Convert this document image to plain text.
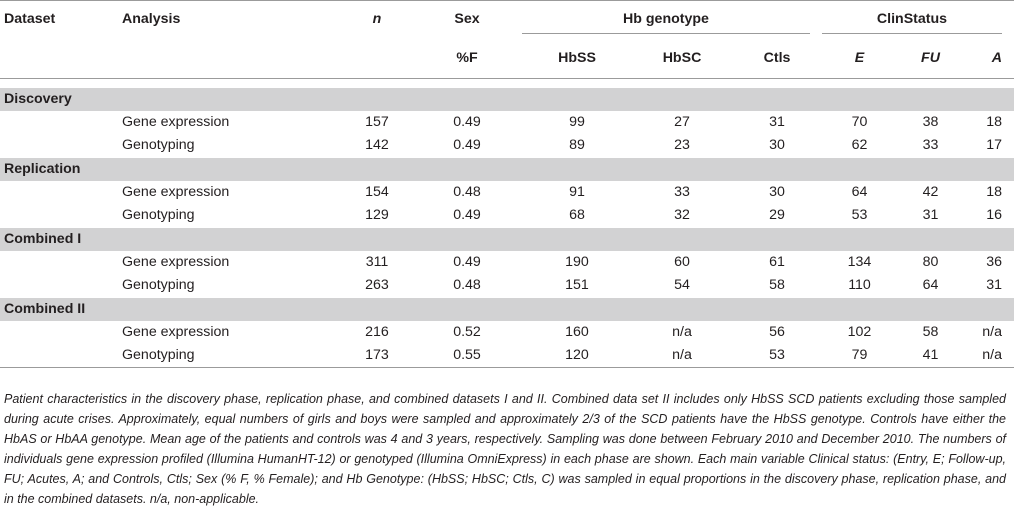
Dataset	Analysis	n	Sex	Hb genotype			ClinStatus		

			%F	HbSS	HbSC	Ctls	E	FU	A

Discovery									
	Gene expression	157	0.49	99	27	31	70	38	18
	Genotyping	142	0.49	89	23	30	62	33	17
Replication									
	Gene expression	154	0.48	91	33	30	64	42	18
	Genotyping	129	0.49	68	32	29	53	31	16
Combined I									
	Gene expression	311	0.49	190	60	61	134	80	36
	Genotyping	263	0.48	151	54	58	110	64	31
Combined II									
	Gene expression	216	0.52	160	n/a	56	102	58	n/a
	Genotyping	173	0.55	120	n/a	53	79	41	n/a

Patient characteristics in the discovery phase, replication phase, and combined datasets I and II. Combined data set II includes only HbSS SCD patients excluding those sampled during acute crises. Approximately, equal numbers of girls and boys were sampled and approximately 2/3 of the SCD patients have the HbSS genotype. Controls have either the HbAS or HbAA genotype. Mean age of the patients and controls was 4 and 3 years, respectively. Sampling was done between February 2010 and December 2010. The numbers of individuals gene expression profiled (Illumina HumanHT-12) or genotyped (Illumina OmniExpress) in each phase are shown. Each main variable Clinical status: (Entry, E; Follow-up, FU; Acutes, A; and Controls, Ctls; Sex (% F, % Female); and Hb Genotype: (HbSS; HbSC; Ctls, C) was sampled in equal proportions in the discovery phase, replication phase, and in the combined datasets. n/a, non-applicable.
